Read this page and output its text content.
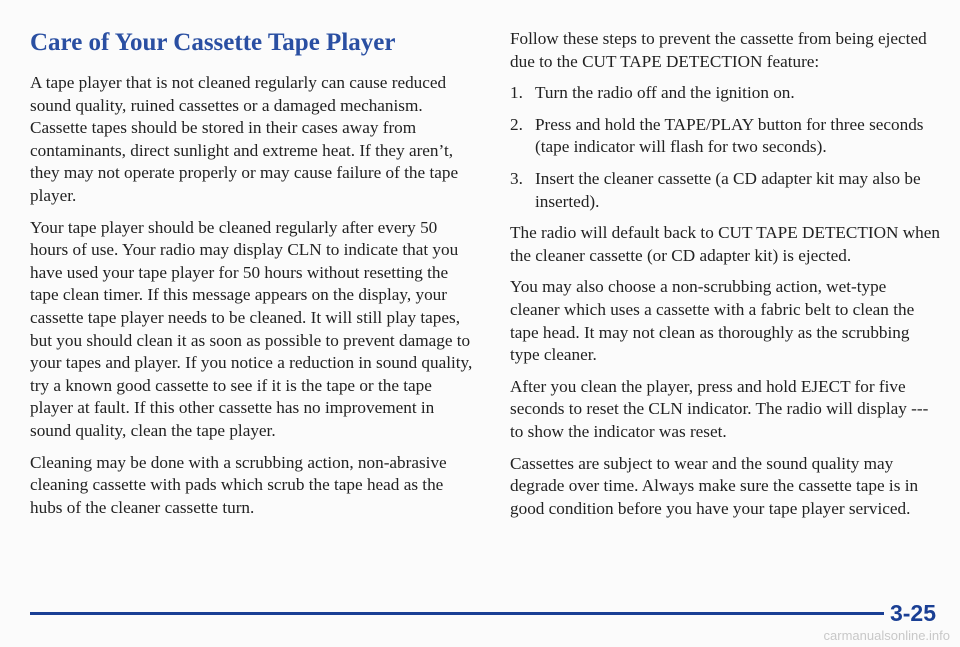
Care of Your Cassette Tape Player

A tape player that is not cleaned regularly can cause reduced sound quality, ruined cassettes or a damaged mechanism. Cassette tapes should be stored in their cases away from contaminants, direct sunlight and extreme heat. If they aren’t, they may not operate properly or may cause failure of the tape player.

Your tape player should be cleaned regularly after every 50 hours of use. Your radio may display CLN to indicate that you have used your tape player for 50 hours without resetting the tape clean timer. If this message appears on the display, your cassette tape player needs to be cleaned. It will still play tapes, but you should clean it as soon as possible to prevent damage to your tapes and player. If you notice a reduction in sound quality, try a known good cassette to see if it is the tape or the tape player at fault. If this other cassette has no improvement in sound quality, clean the tape player.

Cleaning may be done with a scrubbing action, non-abrasive cleaning cassette with pads which scrub the tape head as the hubs of the cleaner cassette turn.

Follow these steps to prevent the cassette from being ejected due to the CUT TAPE DETECTION feature:

1. Turn the radio off and the ignition on.
2. Press and hold the TAPE/PLAY button for three seconds (tape indicator will flash for two seconds).
3. Insert the cleaner cassette (a CD adapter kit may also be inserted).

The radio will default back to CUT TAPE DETECTION when the cleaner cassette (or CD adapter kit) is ejected.

You may also choose a non-scrubbing action, wet-type cleaner which uses a cassette with a fabric belt to clean the tape head. It may not clean as thoroughly as the scrubbing type cleaner.

After you clean the player, press and hold EJECT for five seconds to reset the CLN indicator. The radio will display --- to show the indicator was reset.

Cassettes are subject to wear and the sound quality may degrade over time. Always make sure the cassette tape is in good condition before you have your tape player serviced.

3-25
carmanualsonline.info
